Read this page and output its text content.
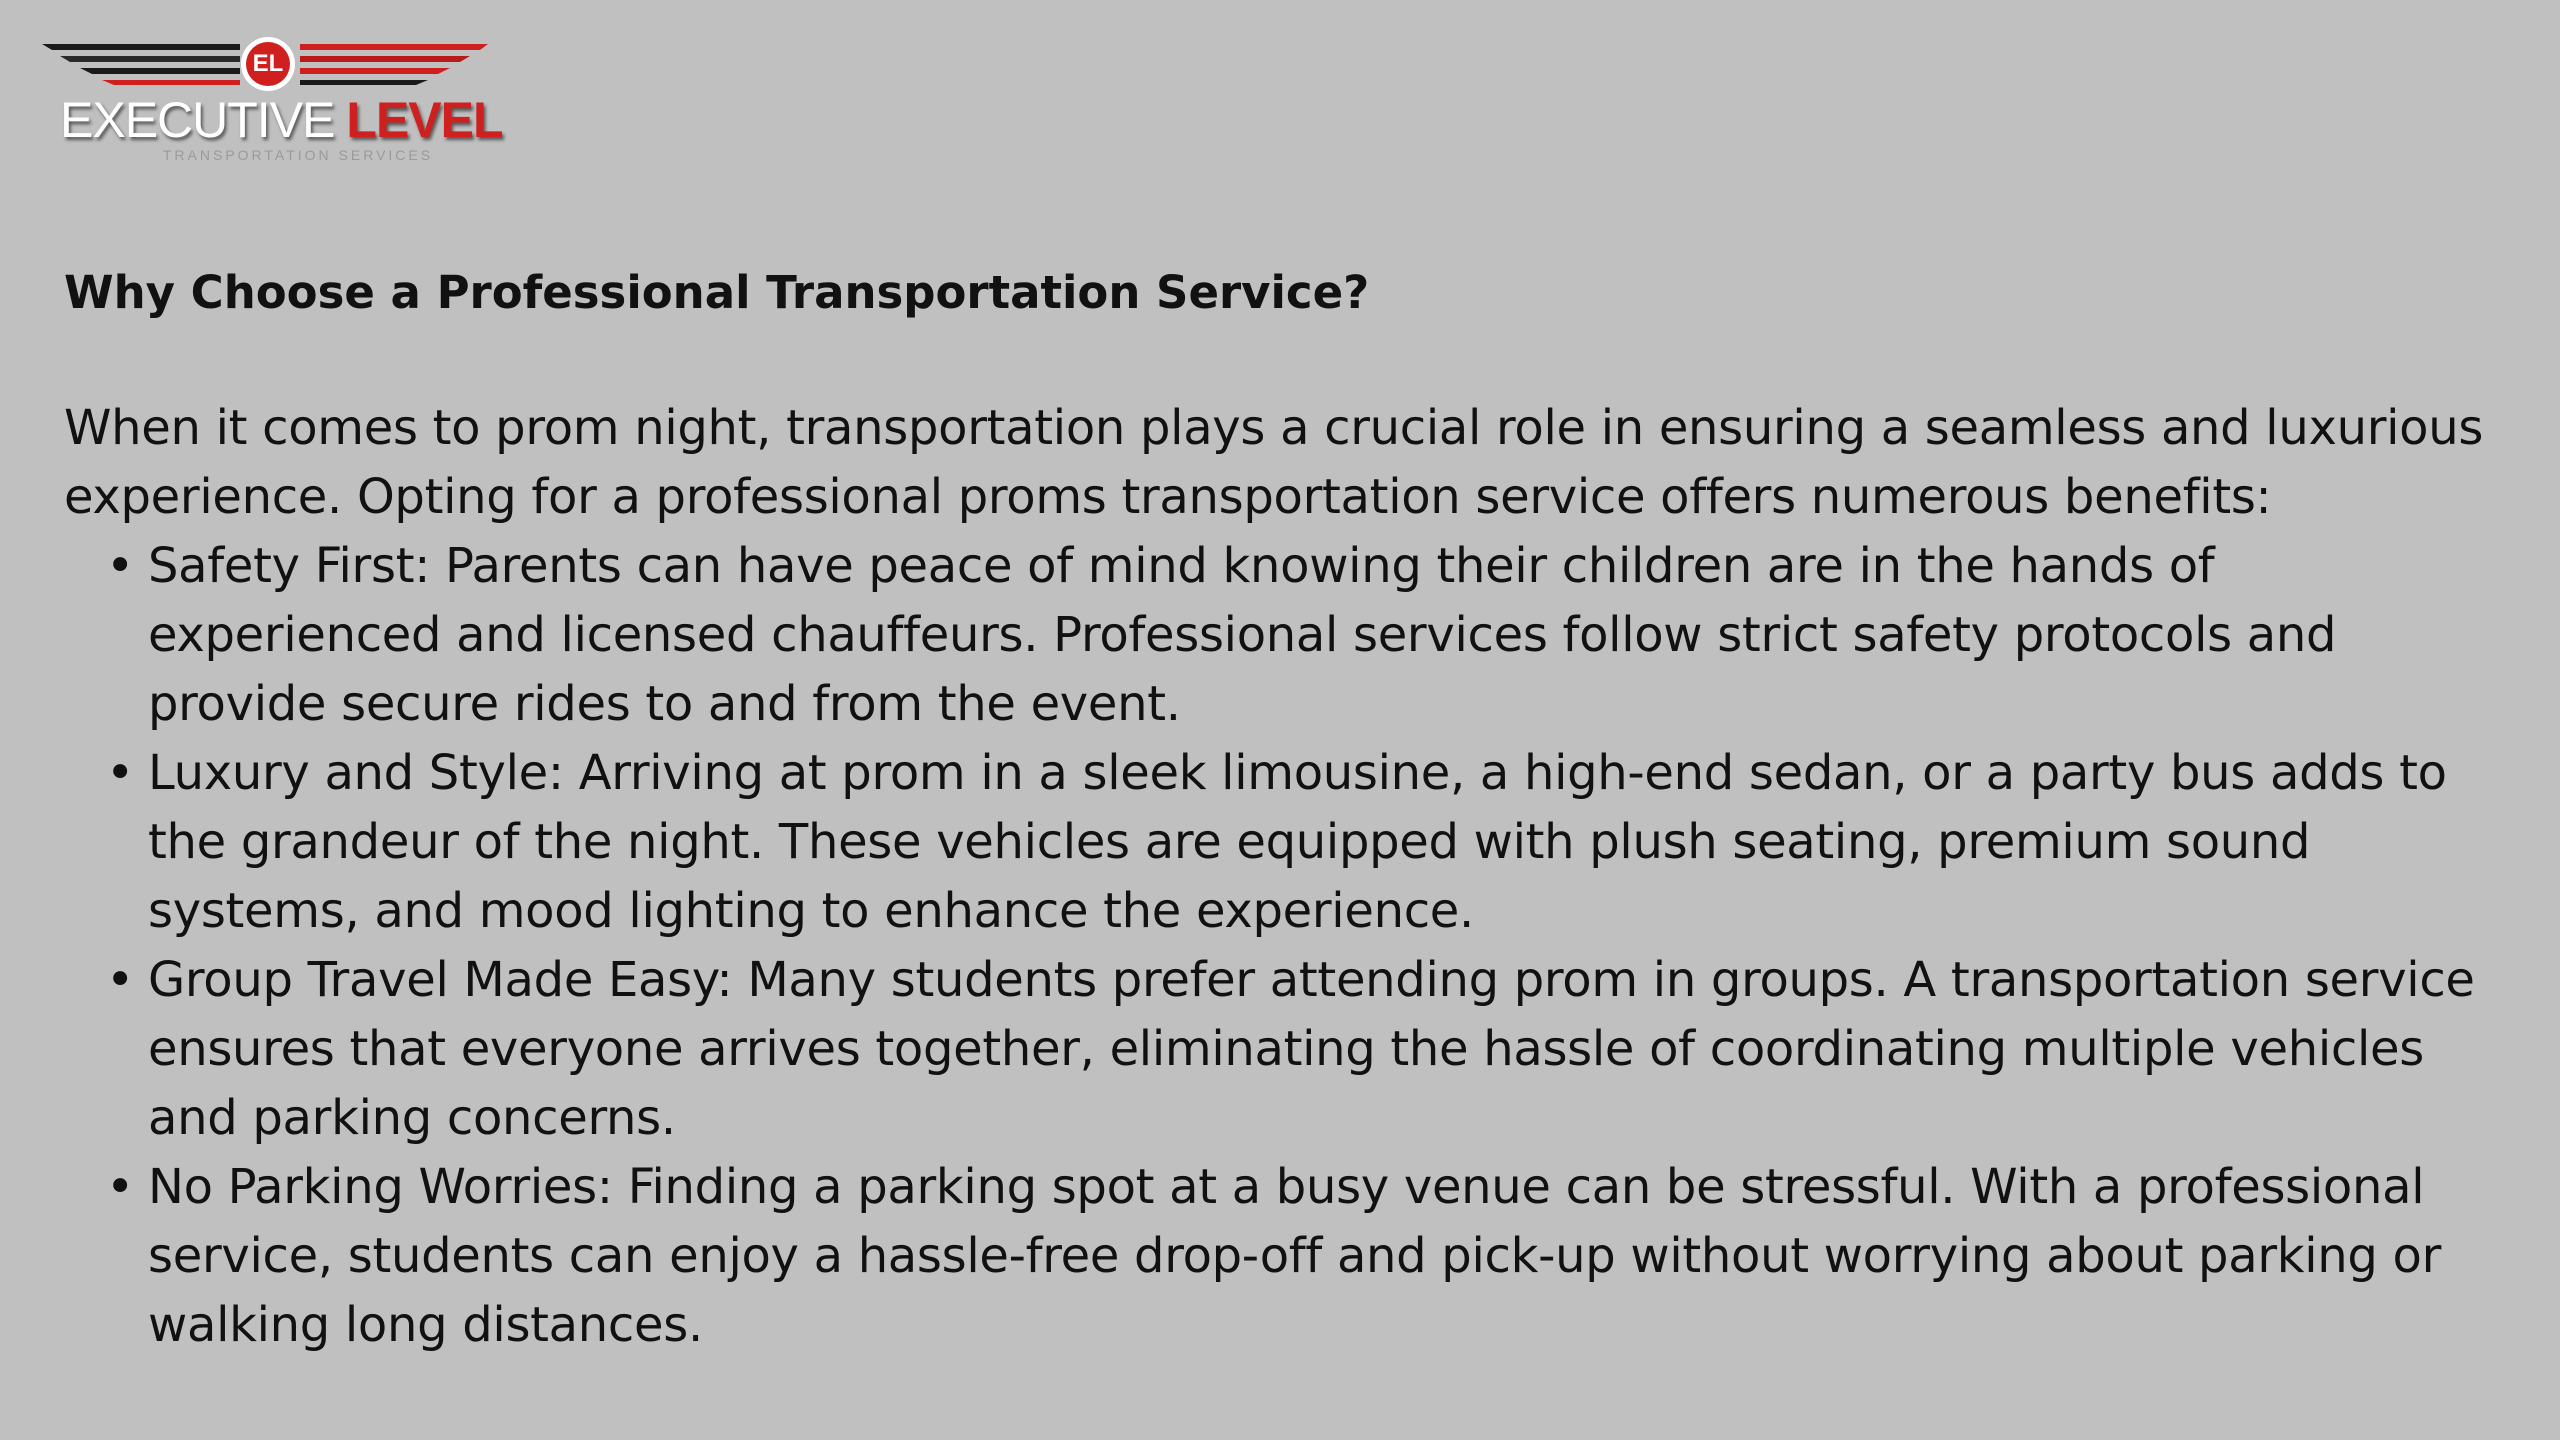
EL
EXECUTIVE LEVEL
TRANSPORTATION SERVICES
Why Choose a Professional Transportation Service?

When it comes to prom night, transportation plays a crucial role in ensuring a seamless and luxurious experience. Opting for a professional proms transportation service offers numerous benefits:

• Safety First: Parents can have peace of mind knowing their children are in the hands of experienced and licensed chauffeurs. Professional services follow strict safety protocols and provide secure rides to and from the event.
• Luxury and Style: Arriving at prom in a sleek limousine, a high-end sedan, or a party bus adds to the grandeur of the night. These vehicles are equipped with plush seating, premium sound systems, and mood lighting to enhance the experience.
• Group Travel Made Easy: Many students prefer attending prom in groups. A transportation service ensures that everyone arrives together, eliminating the hassle of coordinating multiple vehicles and parking concerns.
• No Parking Worries: Finding a parking spot at a busy venue can be stressful. With a professional service, students can enjoy a hassle-free drop-off and pick-up without worrying about parking or walking long distances.
